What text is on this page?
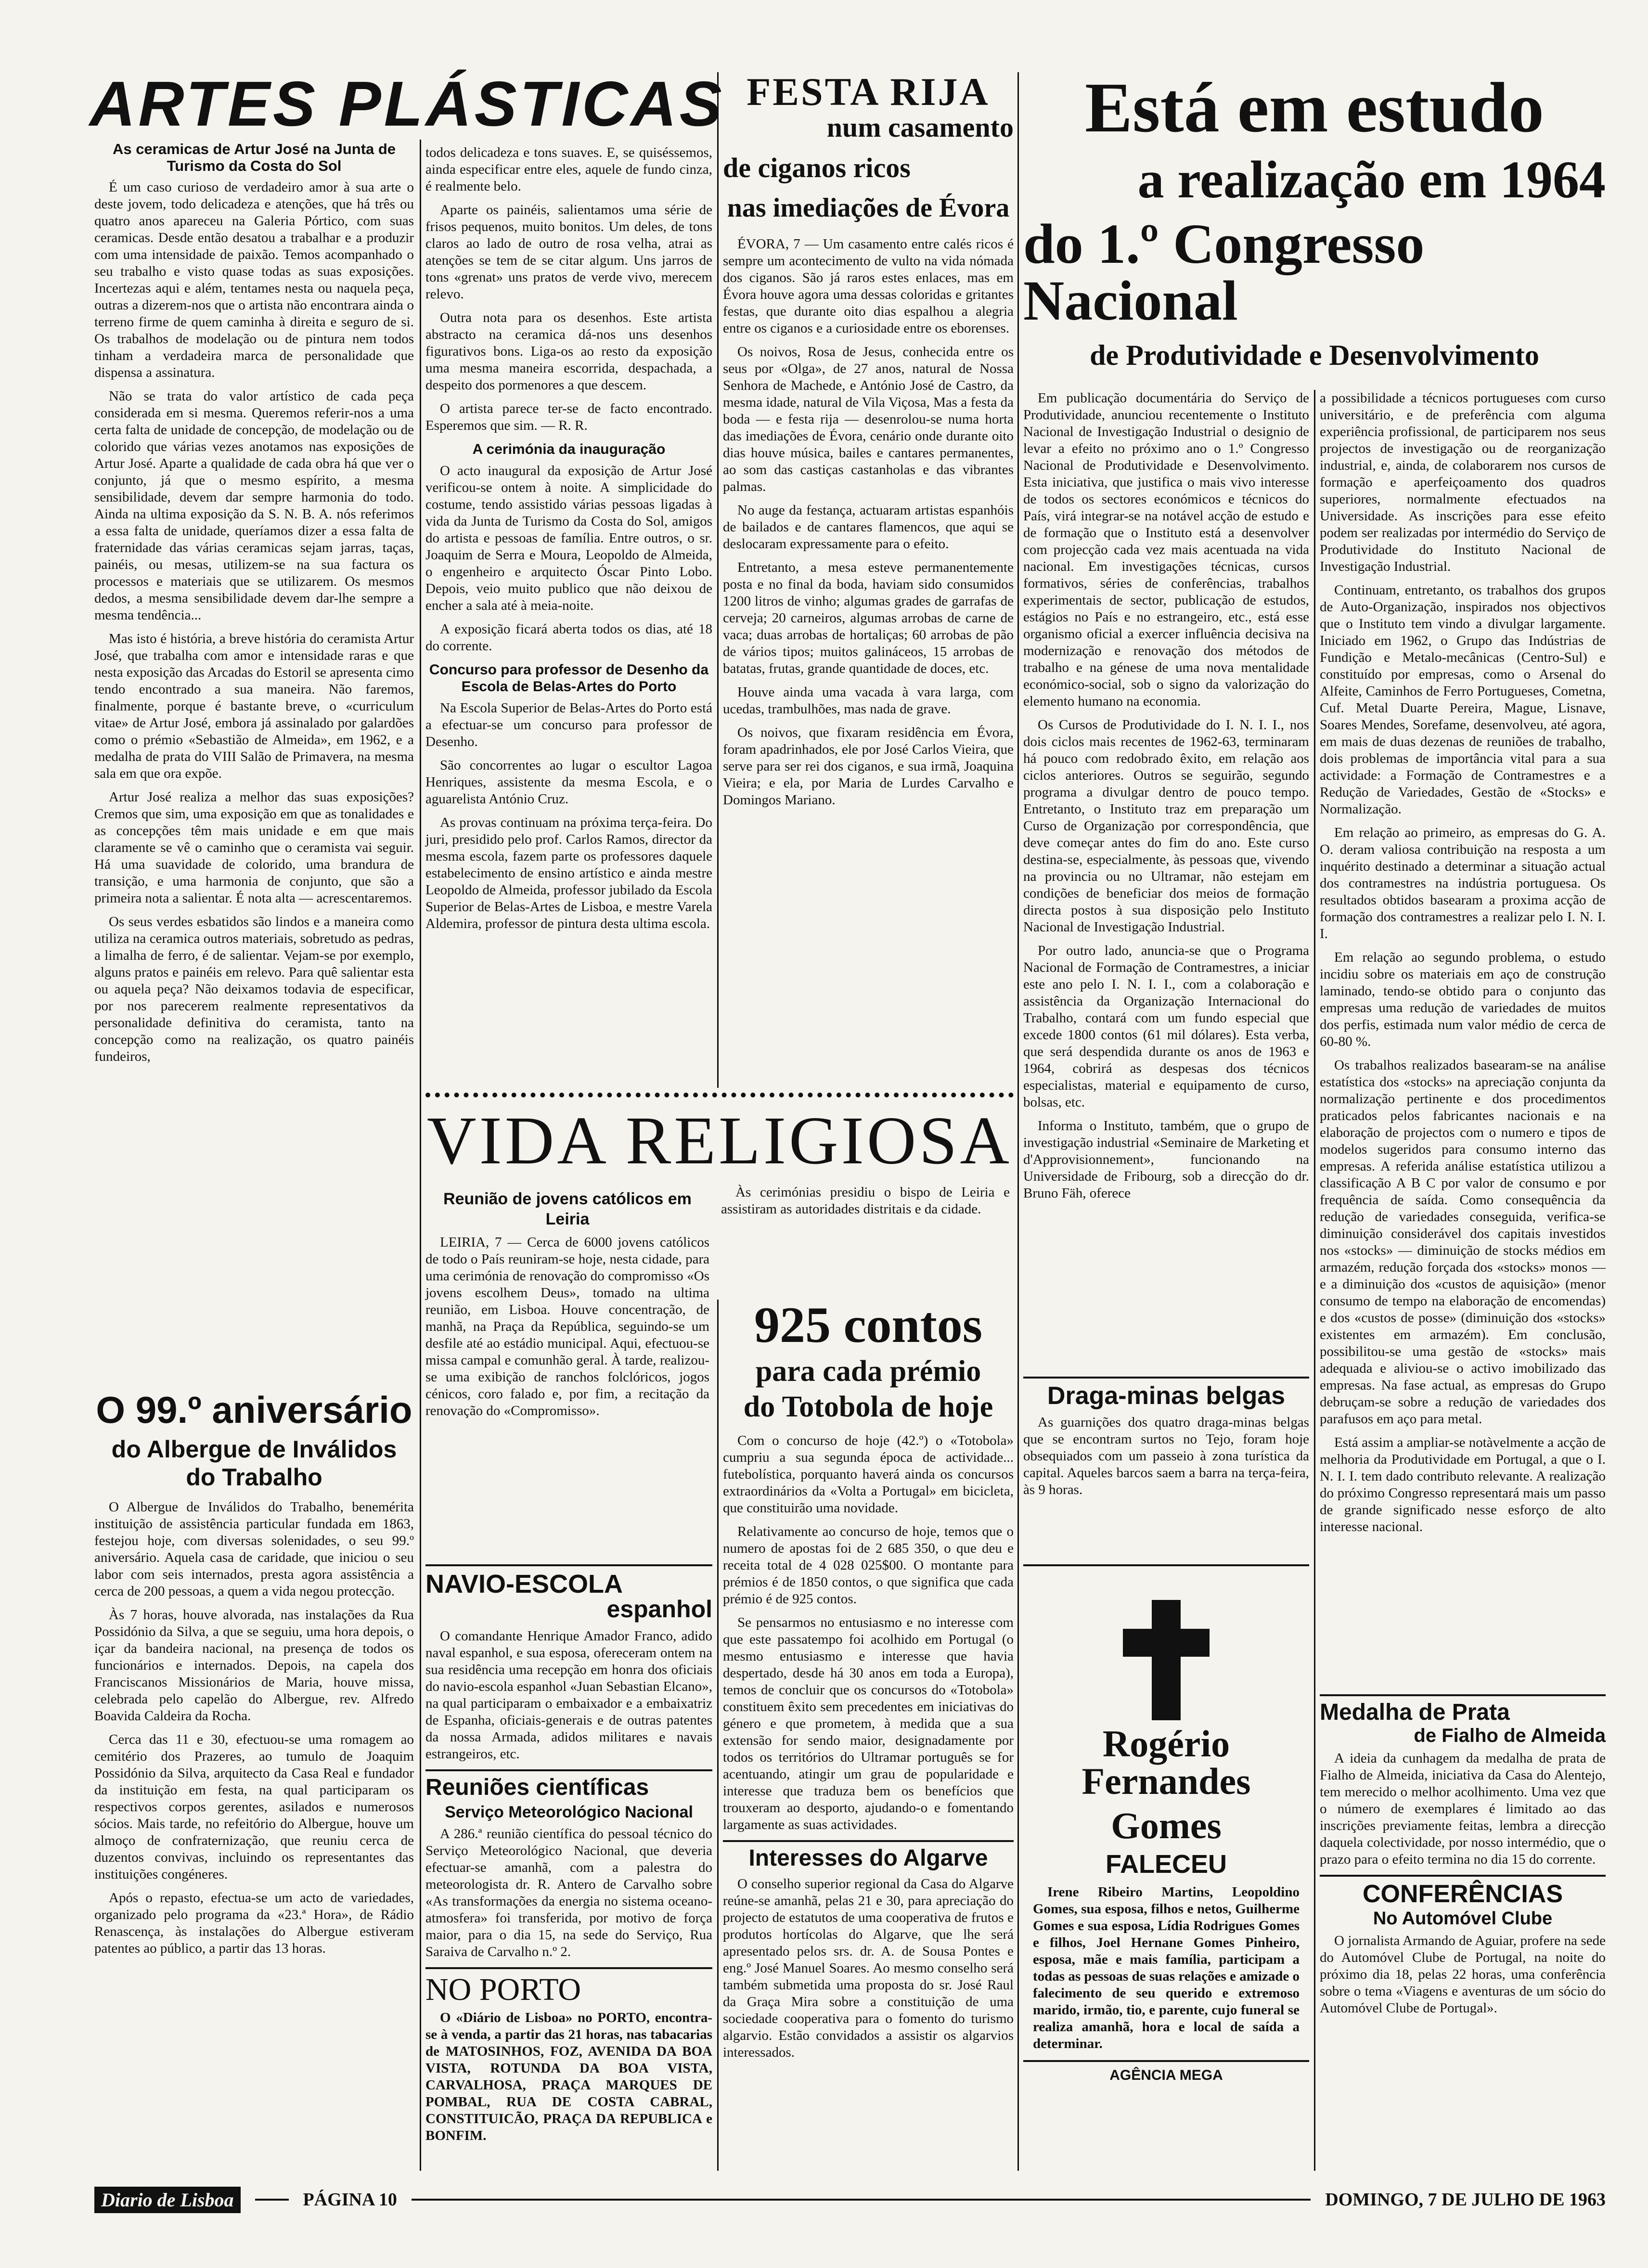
ARTES PLÁSTICAS

As ceramicas de Artur José na Junta de Turismo da Costa do Sol

É um caso curioso de verdadeiro amor à sua arte o deste jovem, todo delicadeza e atenções, que há três ou quatro anos apareceu na Galeria Pórtico, com suas ceramicas. Desde então desatou a trabalhar e a produzir com uma intensidade de paixão. Temos acompanhado o seu trabalho e visto quase todas as suas exposições. Incertezas aqui e além, tentames nesta ou naquela peça, outras a dizerem-nos que o artista não encontrara ainda o terreno firme de quem caminha à direita e seguro de si. Os trabalhos de modelação ou de pintura nem todos tinham a verdadeira marca de personalidade que dispensa a assinatura.

Não se trata do valor artístico de cada peça considerada em si mesma. Queremos referir-nos a uma certa falta de unidade de concepção, de modelação ou de colorido que várias vezes anotamos nas exposições de Artur José. Aparte a qualidade de cada obra há que ver o conjunto, já que o mesmo espírito, a mesma sensibilidade, devem dar sempre harmonia do todo. Ainda na ultima exposição da S. N. B. A. nós referimos a essa falta de unidade, queríamos dizer a essa falta de fraternidade das várias ceramicas sejam jarras, taças, painéis, ou mesas, utilizem-se na sua factura os processos e materiais que se utilizarem. Os mesmos dedos, a mesma sensibilidade devem dar-lhe sempre a mesma tendência...

Mas isto é história, a breve história do ceramista Artur José, que trabalha com amor e intensidade raras e que nesta exposição das Arcadas do Estoril se apresenta cimo tendo encontrado a sua maneira. Não faremos, finalmente, porque é bastante breve, o «curriculum vitae» de Artur José, embora já assinalado por galardões como o prémio «Sebastião de Almeida», em 1962, e a medalha de prata do VIII Salão de Primavera, na mesma sala em que ora expõe.

Artur José realiza a melhor das suas exposições? Cremos que sim, uma exposição em que as tonalidades e as concepções têm mais unidade e em que mais claramente se vê o caminho que o ceramista vai seguir. Há uma suavidade de colorido, uma brandura de transição, e uma harmonia de conjunto, que são a primeira nota a salientar. É nota alta — acrescentaremos.

Os seus verdes esbatidos são lindos e a maneira como utiliza na ceramica outros materiais, sobretudo as pedras, a limalha de ferro, é de salientar. Vejam-se por exemplo, alguns pratos e painéis em relevo. Para quê salientar esta ou aquela peça? Não deixamos todavia de especificar, por nos parecerem realmente representativos da personalidade definitiva do ceramista, tanto na concepção como na realização, os quatro painéis fundeiros,

O 99.º aniversário
do Albergue de Inválidos do Trabalho

O Albergue de Inválidos do Trabalho, benemérita instituição de assistência particular fundada em 1863, festejou hoje, com diversas solenidades, o seu 99.º aniversário. Aquela casa de caridade, que iniciou o seu labor com seis internados, presta agora assistência a cerca de 200 pessoas, a quem a vida negou protecção.

Às 7 horas, houve alvorada, nas instalações da Rua Possidónio da Silva, a que se seguiu, uma hora depois, o içar da bandeira nacional, na presença de todos os funcionários e internados. Depois, na capela dos Franciscanos Missionários de Maria, houve missa, celebrada pelo capelão do Albergue, rev. Alfredo Boavida Caldeira da Rocha.

Cerca das 11 e 30, efectuou-se uma romagem ao cemitério dos Prazeres, ao tumulo de Joaquim Possidónio da Silva, arquitecto da Casa Real e fundador da instituição em festa, na qual participaram os respectivos corpos gerentes, asilados e numerosos sócios. Mais tarde, no refeitório do Albergue, houve um almoço de confraternização, que reuniu cerca de duzentos convivas, incluindo os representantes das instituições congéneres.

Após o repasto, efectua-se um acto de variedades, organizado pelo programa da «23.ª Hora», de Rádio Renascença, às instalações do Albergue estiveram patentes ao público, a partir das 13 horas.

todos delicadeza e tons suaves. E, se quiséssemos, ainda especificar entre eles, aquele de fundo cinza, é realmente belo.

Aparte os painéis, salientamos uma série de frisos pequenos, muito bonitos. Um deles, de tons claros ao lado de outro de rosa velha, atrai as atenções se tem de se citar algum. Uns jarros de tons «grenat» uns pratos de verde vivo, merecem relevo.

Outra nota para os desenhos. Este artista abstracto na ceramica dá-nos uns desenhos figurativos bons. Liga-os ao resto da exposição uma mesma maneira escorrida, despachada, a despeito dos pormenores a que descem.

O artista parece ter-se de facto encontrado. Esperemos que sim. — R. R.

A cerimónia da inauguração

O acto inaugural da exposição de Artur José verificou-se ontem à noite. A simplicidade do costume, tendo assistido várias pessoas ligadas à vida da Junta de Turismo da Costa do Sol, amigos do artista e pessoas de família. Entre outros, o sr. Joaquim de Serra e Moura, Leopoldo de Almeida, o engenheiro e arquitecto Óscar Pinto Lobo. Depois, veio muito publico que não deixou de encher a sala até à meia-noite.

A exposição ficará aberta todos os dias, até 18 do corrente.

Concurso para professor de Desenho da Escola de Belas-Artes do Porto

Na Escola Superior de Belas-Artes do Porto está a efectuar-se um concurso para professor de Desenho.

São concorrentes ao lugar o escultor Lagoa Henriques, assistente da mesma Escola, e o aguarelista António Cruz.

As provas continuam na próxima terça-feira. Do juri, presidido pelo prof. Carlos Ramos, director da mesma escola, fazem parte os professores daquele estabelecimento de ensino artístico e ainda mestre Leopoldo de Almeida, professor jubilado da Escola Superior de Belas-Artes de Lisboa, e mestre Varela Aldemira, professor de pintura desta ultima escola.

FESTA RIJA
num casamento
de ciganos ricos
nas imediações de Évora

ÉVORA, 7 — Um casamento entre calés ricos é sempre um acontecimento de vulto na vida nómada dos ciganos. São já raros estes enlaces, mas em Évora houve agora uma dessas coloridas e gritantes festas, que durante oito dias espalhou a alegria entre os ciganos e a curiosidade entre os eborenses.

Os noivos, Rosa de Jesus, conhecida entre os seus por «Olga», de 27 anos, natural de Nossa Senhora de Machede, e António José de Castro, da mesma idade, natural de Vila Viçosa, Mas a festa da boda — e festa rija — desenrolou-se numa horta das imediações de Évora, cenário onde durante oito dias houve música, bailes e cantares permanentes, ao som das castiças castanholas e das vibrantes palmas.

No auge da festança, actuaram artistas espanhóis de bailados e de cantares flamencos, que aqui se deslocaram expressamente para o efeito.

Entretanto, a mesa esteve permanentemente posta e no final da boda, haviam sido consumidos 1200 litros de vinho; algumas grades de garrafas de cerveja; 20 carneiros, algumas arrobas de carne de vaca; duas arrobas de hortaliças; 60 arrobas de pão de vários tipos; muitos galináceos, 15 arrobas de batatas, frutas, grande quantidade de doces, etc.

Houve ainda uma vacada à vara larga, com ucedas, trambulhões, mas nada de grave.

Os noivos, que fixaram residência em Évora, foram apadrinhados, ele por José Carlos Vieira, que serve para ser rei dos ciganos, e sua irmã, Joaquina Vieira; e ela, por Maria de Lurdes Carvalho e Domingos Mariano.

VIDA RELIGIOSA

Reunião de jovens católicos em Leiria

LEIRIA, 7 — Cerca de 6000 jovens católicos de todo o País reuniram-se hoje, nesta cidade, para uma cerimónia de renovação do compromisso «Os jovens escolhem Deus», tomado na ultima reunião, em Lisboa. Houve concentração, de manhã, na Praça da República, seguindo-se um desfile até ao estádio municipal. Aqui, efectuou-se missa campal e comunhão geral. À tarde, realizou-se uma exibição de ranchos folclóricos, jogos cénicos, coro falado e, por fim, a recitação da renovação do «Compromisso».

Às cerimónias presidiu o bispo de Leiria e assistiram as autoridades distritais e da cidade.

NAVIO-ESCOLA
espanhol

O comandante Henrique Amador Franco, adido naval espanhol, e sua esposa, ofereceram ontem na sua residência uma recepção em honra dos oficiais do navio-escola espanhol «Juan Sebastian Elcano», na qual participaram o embaixador e a embaixatriz de Espanha, oficiais-generais e de outras patentes da nossa Armada, adidos militares e navais estrangeiros, etc.

Reuniões científicas

Serviço Meteorológico Nacional

A 286.ª reunião científica do pessoal técnico do Serviço Meteorológico Nacional, que deveria efectuar-se amanhã, com a palestra do meteorologista dr. R. Antero de Carvalho sobre «As transformações da energia no sistema oceano-atmosfera» foi transferida, por motivo de força maior, para o dia 15, na sede do Serviço, Rua Saraiva de Carvalho n.º 2.

NO PORTO

O «Diário de Lisboa» no PORTO, encontra-se à venda, a partir das 21 horas, nas tabacarias de MATOSINHOS, FOZ, AVENIDA DA BOA VISTA, ROTUNDA DA BOA VISTA, CARVALHOSA, PRAÇA MARQUES DE POMBAL, RUA DE COSTA CABRAL, CONSTITUICÃO, PRAÇA DA REPUBLICA e BONFIM.

925 contos
para cada prémio
do Totobola de hoje

Com o concurso de hoje (42.º) o «Totobola» cumpriu a sua segunda época de actividade... futebolística, porquanto haverá ainda os concursos extraordinários da «Volta a Portugal» em bicicleta, que constituirão uma novidade.

Relativamente ao concurso de hoje, temos que o numero de apostas foi de 2 685 350, o que deu e receita total de 4 028 025$00. O montante para prémios é de 1850 contos, o que significa que cada prémio é de 925 contos.

Se pensarmos no entusiasmo e no interesse com que este passatempo foi acolhido em Portugal (o mesmo entusiasmo e interesse que havia despertado, desde há 30 anos em toda a Europa), temos de concluir que os concursos do «Totobola» constituem êxito sem precedentes em iniciativas do género e que prometem, à medida que a sua extensão for sendo maior, designadamente por todos os territórios do Ultramar português se for acentuando, atingir um grau de popularidade e interesse que traduza bem os benefícios que trouxeram ao desporto, ajudando-o e fomentando largamente as suas actividades.

Interesses do Algarve

O conselho superior regional da Casa do Algarve reúne-se amanhã, pelas 21 e 30, para apreciação do projecto de estatutos de uma cooperativa de frutos e produtos hortícolas do Algarve, que lhe será apresentado pelos srs. dr. A. de Sousa Pontes e eng.º José Manuel Soares. Ao mesmo conselho será também submetida uma proposta do sr. José Raul da Graça Mira sobre a constituição de uma sociedade cooperativa para o fomento do turismo algarvio. Estão convidados a assistir os algarvios interessados.

Está em estudo
a realização em 1964
do 1.º Congresso Nacional
de Produtividade e Desenvolvimento

Em publicação documentária do Serviço de Produtividade, anunciou recentemente o Instituto Nacional de Investigação Industrial o designio de levar a efeito no próximo ano o 1.º Congresso Nacional de Produtividade e Desenvolvimento. Esta iniciativa, que justifica o mais vivo interesse de todos os sectores económicos e técnicos do País, virá integrar-se na notável acção de estudo e de formação que o Instituto está a desenvolver com projecção cada vez mais acentuada na vida nacional. Em investigações técnicas, cursos formativos, séries de conferências, trabalhos experimentais de sector, publicação de estudos, estágios no País e no estrangeiro, etc., está esse organismo oficial a exercer influência decisiva na modernização e renovação dos métodos de trabalho e na génese de uma nova mentalidade económico-social, sob o signo da valorização do elemento humano na economia.

Os Cursos de Produtividade do I. N. I. I., nos dois ciclos mais recentes de 1962-63, terminaram há pouco com redobrado êxito, em relação aos ciclos anteriores. Outros se seguirão, segundo programa a divulgar dentro de pouco tempo. Entretanto, o Instituto traz em preparação um Curso de Organização por correspondência, que deve começar antes do fim do ano. Este curso destina-se, especialmente, às pessoas que, vivendo na provincia ou no Ultramar, não estejam em condições de beneficiar dos meios de formação directa postos à sua disposição pelo Instituto Nacional de Investigação Industrial.

Por outro lado, anuncia-se que o Programa Nacional de Formação de Contramestres, a iniciar este ano pelo I. N. I. I., com a colaboração e assistência da Organização Internacional do Trabalho, contará com um fundo especial que excede 1800 contos (61 mil dólares). Esta verba, que será despendida durante os anos de 1963 e 1964, cobrirá as despesas dos técnicos especialistas, material e equipamento de curso, bolsas, etc.

Informa o Instituto, também, que o grupo de investigação industrial «Seminaire de Marketing et d'Approvisionnement», funcionando na Universidade de Fribourg, sob a direcção do dr. Bruno Fäh, oferece

Draga-minas belgas

As guarnições dos quatro draga-minas belgas que se encontram surtos no Tejo, foram hoje obsequiados com um passeio à zona turística da capital. Aqueles barcos saem a barra na terça-feira, às 9 horas.

Rogério Fernandes
Gomes
FALECEU

Irene Ribeiro Martins, Leopoldino Gomes, sua esposa, filhos e netos, Guilherme Gomes e sua esposa, Lídia Rodrigues Gomes e filhos, Joel Hernane Gomes Pinheiro, esposa, mãe e mais família, participam a todas as pessoas de suas relações e amizade o falecimento de seu querido e extremoso marido, irmão, tio, e parente, cujo funeral se realiza amanhã, hora e local de saída a determinar.

AGÊNCIA MEGA

a possibilidade a técnicos portugueses com curso universitário, e de preferência com alguma experiência profissional, de participarem nos seus projectos de investigação ou de reorganização industrial, e, ainda, de colaborarem nos cursos de formação e aperfeiçoamento dos quadros superiores, normalmente efectuados na Universidade. As inscrições para esse efeito podem ser realizadas por intermédio do Serviço de Produtividade do Instituto Nacional de Investigação Industrial.

Continuam, entretanto, os trabalhos dos grupos de Auto-Organização, inspirados nos objectivos que o Instituto tem vindo a divulgar largamente. Iniciado em 1962, o Grupo das Indústrias de Fundição e Metalo-mecânicas (Centro-Sul) e constituído por empresas, como o Arsenal do Alfeite, Caminhos de Ferro Portugueses, Cometna, Cuf. Metal Duarte Pereira, Mague, Lisnave, Soares Mendes, Sorefame, desenvolveu, até agora, em mais de duas dezenas de reuniões de trabalho, dois problemas de importância vital para a sua actividade: a Formação de Contramestres e a Redução de Variedades, Gestão de «Stocks» e Normalização.

Em relação ao primeiro, as empresas do G. A. O. deram valiosa contribuição na resposta a um inquérito destinado a determinar a situação actual dos contramestres na indústria portuguesa. Os resultados obtidos basearam a proxima acção de formação dos contramestres a realizar pelo I. N. I. I.

Em relação ao segundo problema, o estudo incidiu sobre os materiais em aço de construção laminado, tendo-se obtido para o conjunto das empresas uma redução de variedades de muitos dos perfis, estimada num valor médio de cerca de 60-80 %.

Os trabalhos realizados basearam-se na análise estatística dos «stocks» na apreciação conjunta da normalização pertinente e dos procedimentos praticados pelos fabricantes nacionais e na elaboração de projectos com o numero e tipos de modelos sugeridos para consumo interno das empresas. A referida análise estatística utilizou a classificação A B C por valor de consumo e por frequência de saída. Como consequência da redução de variedades conseguida, verifica-se diminuição considerável dos capitais investidos nos «stocks» — diminuição de stocks médios em armazém, redução forçada dos «stocks» monos — e a diminuição dos «custos de aquisição» (menor consumo de tempo na elaboração de encomendas) e dos «custos de posse» (diminuição dos «stocks» existentes em armazém). Em conclusão, possibilitou-se uma gestão de «stocks» mais adequada e aliviou-se o activo imobilizado das empresas. Na fase actual, as empresas do Grupo debruçam-se sobre a redução de variedades dos parafusos em aço para metal.

Está assim a ampliar-se notàvelmente a acção de melhoria da Produtividade em Portugal, a que o I. N. I. I. tem dado contributo relevante. A realização do próximo Congresso representará mais um passo de grande significado nesse esforço de alto interesse nacional.

Medalha de Prata
de Fialho de Almeida

A ideia da cunhagem da medalha de prata de Fialho de Almeida, iniciativa da Casa do Alentejo, tem merecido o melhor acolhimento. Uma vez que o número de exemplares é limitado ao das inscrições previamente feitas, lembra a direcção daquela colectividade, por nosso intermédio, que o prazo para o efeito termina no dia 15 do corrente.

CONFERÊNCIAS
No Automóvel Clube

O jornalista Armando de Aguiar, profere na sede do Automóvel Clube de Portugal, na noite do próximo dia 18, pelas 22 horas, uma conferência sobre o tema «Viagens e aventuras de um sócio do Automóvel Clube de Portugal».

Diario de Lisboa	PÁGINA 10	DOMINGO, 7 DE JULHO DE 1963
